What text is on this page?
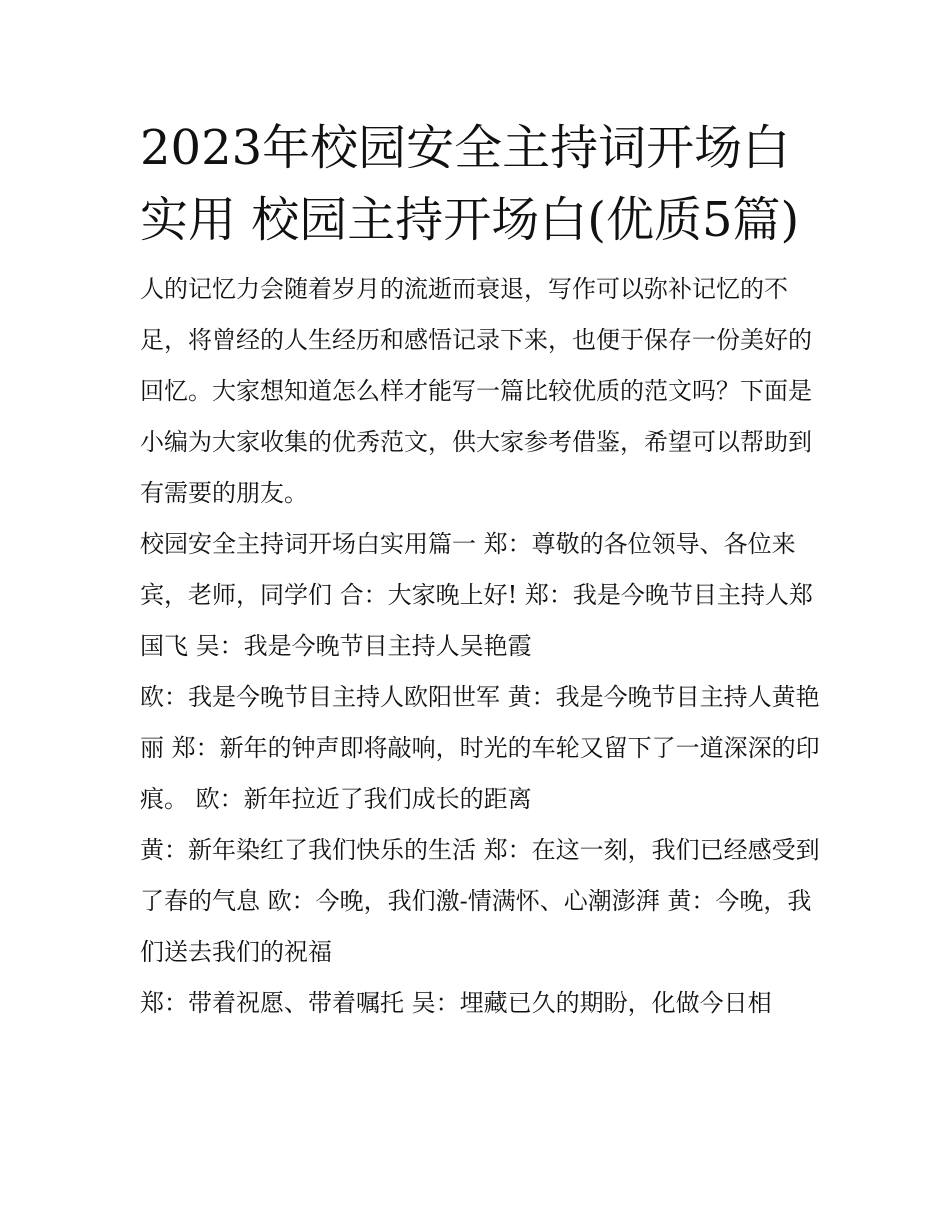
2023年校园安全主持词开场白实用 校园主持开场白(优质5篇)

人的记忆力会随着岁月的流逝而衰退，写作可以弥补记忆的不足，将曾经的人生经历和感悟记录下来，也便于保存一份美好的回忆。大家想知道怎么样才能写一篇比较优质的范文吗？下面是小编为大家收集的优秀范文，供大家参考借鉴，希望可以帮助到有需要的朋友。

校园安全主持词开场白实用篇一 郑：尊敬的各位领导、各位来宾，老师，同学们 合：大家晚上好! 郑：我是今晚节目主持人郑国飞 吴：我是今晚节目主持人吴艳霞

欧：我是今晚节目主持人欧阳世军 黄：我是今晚节目主持人黄艳丽 郑：新年的钟声即将敲响，时光的车轮又留下了一道深深的印痕。 欧：新年拉近了我们成长的距离

黄：新年染红了我们快乐的生活 郑：在这一刻，我们已经感受到了春的气息 欧：今晚，我们激-情满怀、心潮澎湃 黄：今晚，我们送去我们的祝福

郑：带着祝愿、带着嘱托 吴：埋藏已久的期盼，化做今日相
